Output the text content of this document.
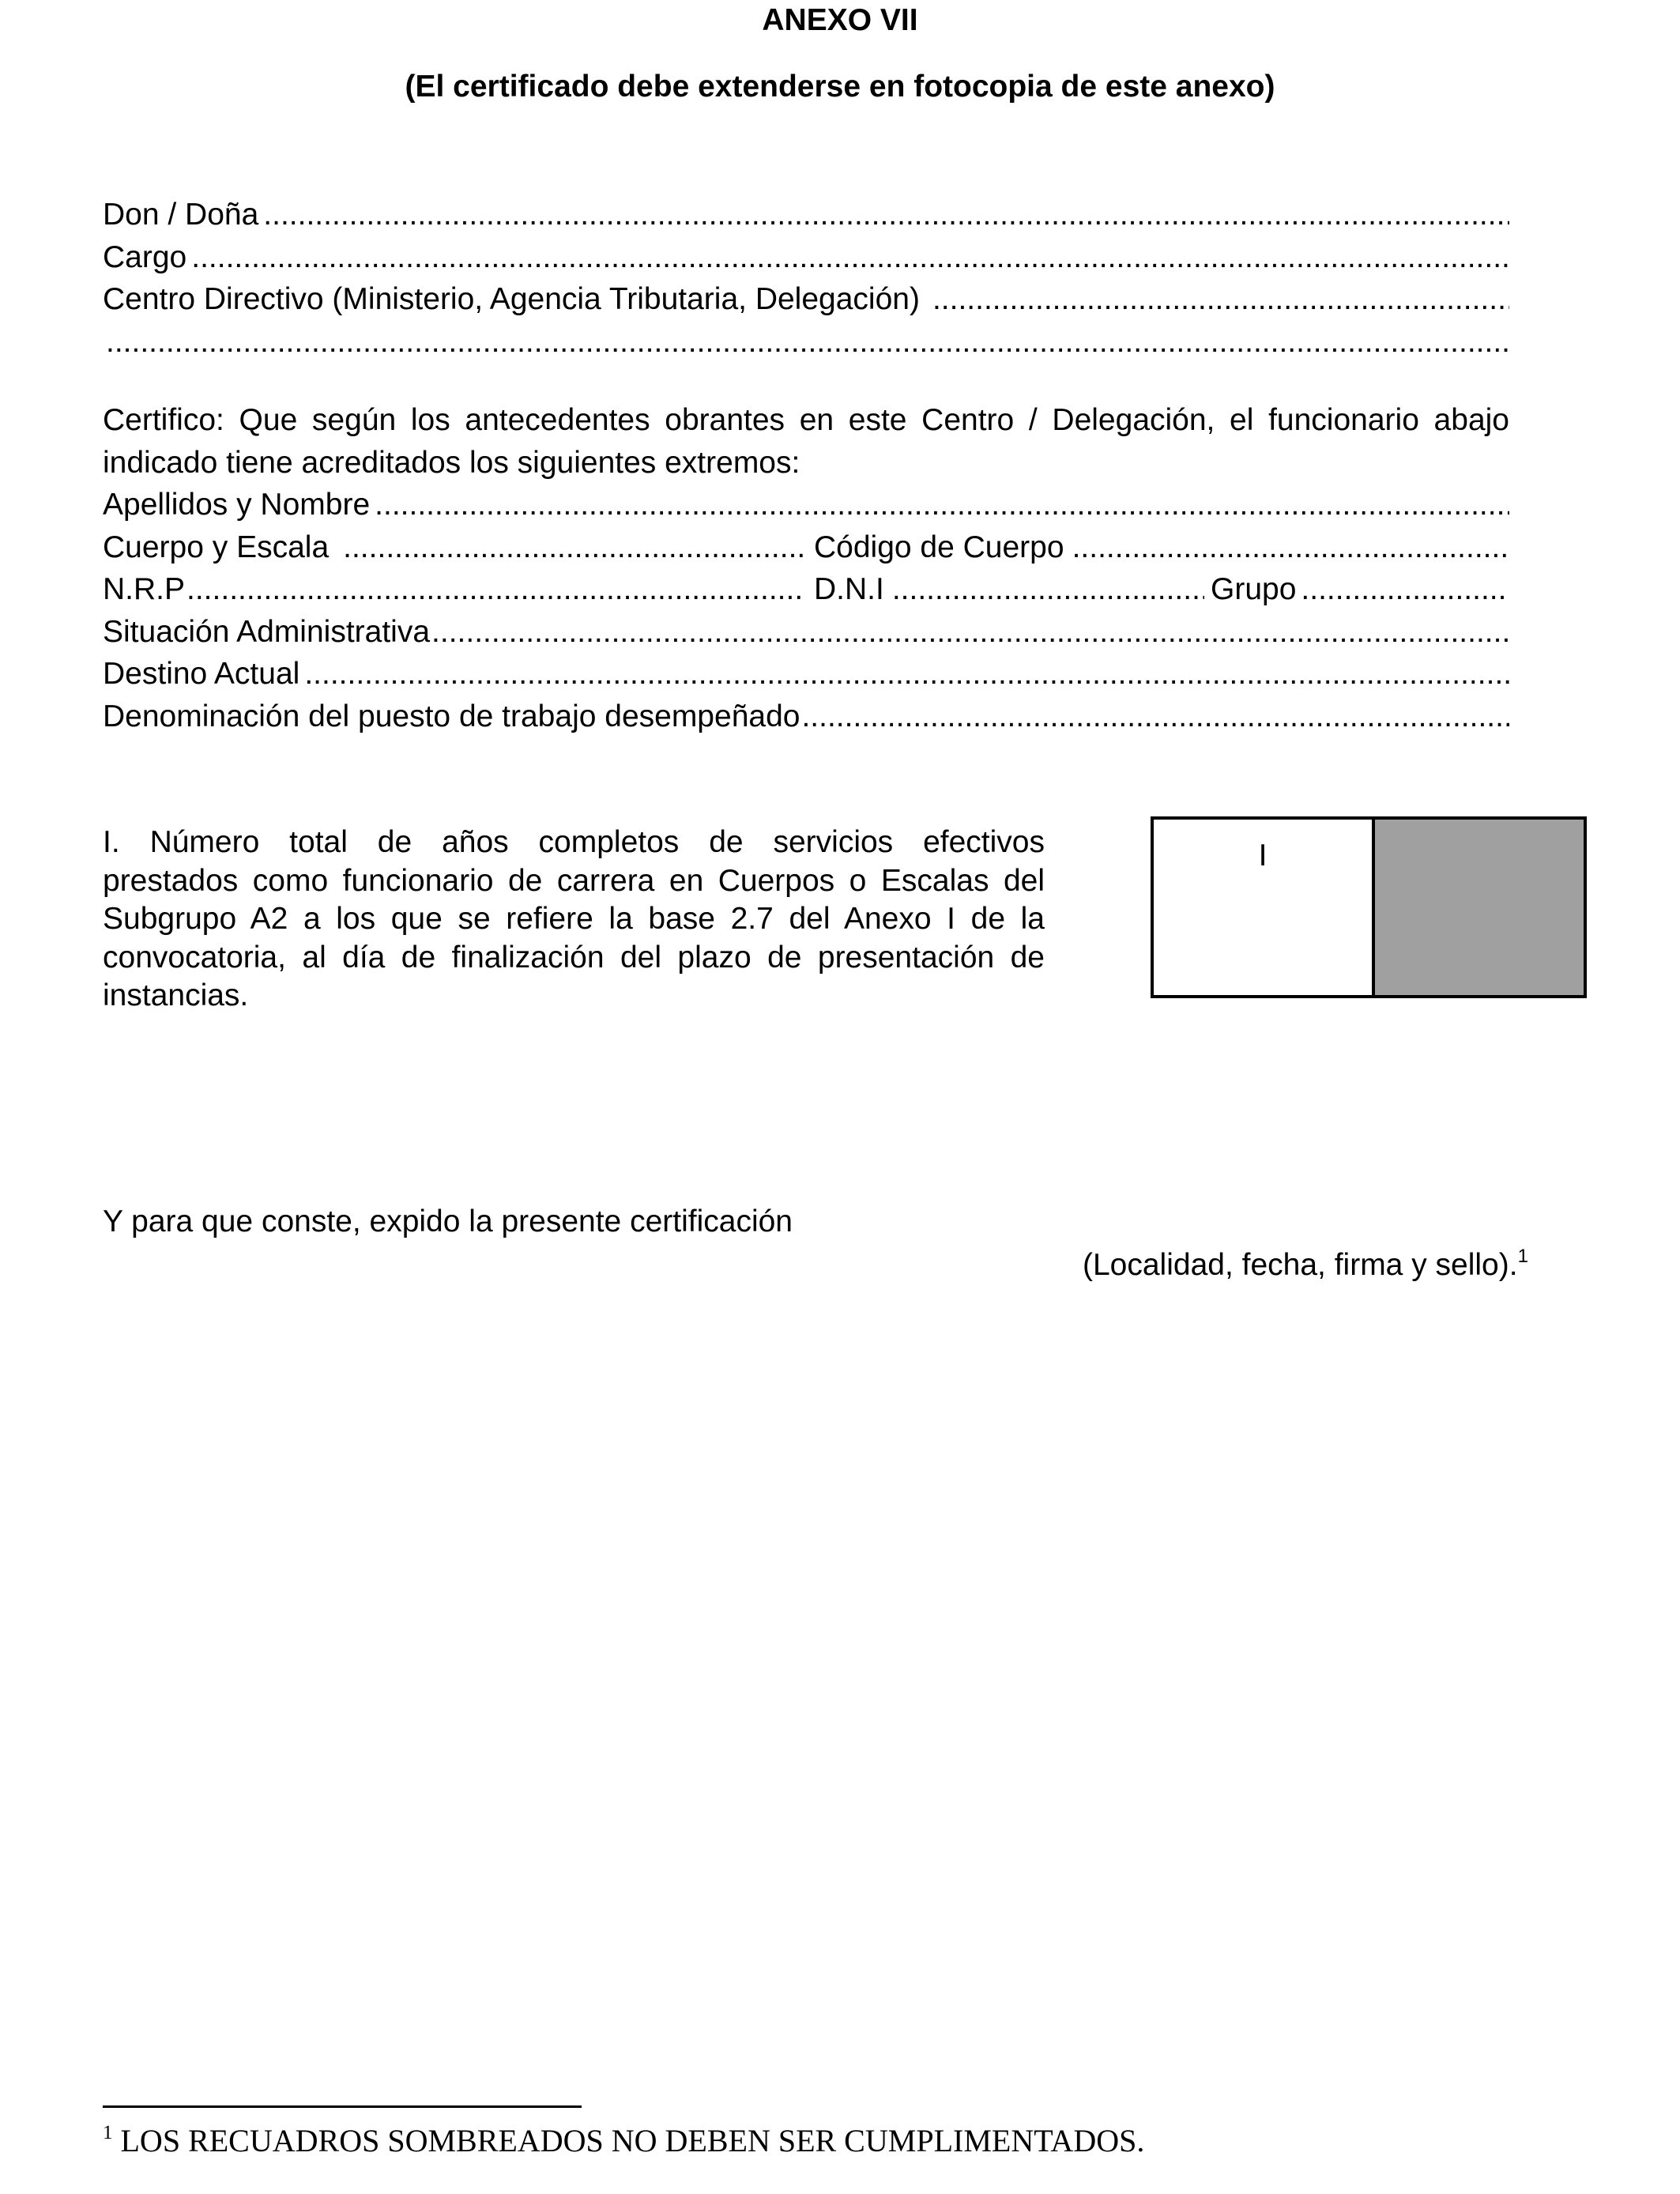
ANEXO VII
(El certificado debe extenderse en fotocopia de este anexo)
Don / Doña
.....
Cargo
.....
Centro Directivo (Ministerio, Agencia Tributaria, Delegación)
.....
.....
Certifico: Que según los antecedentes obrantes en este Centro / Delegación, el funcionario abajo
indicado tiene acreditados los siguientes extremos:
Apellidos y Nombre
.....
Cuerpo y Escala .....	Código de Cuerpo
.....
N.R.P .....	D.N.I .....	Grupo
.....
Situación Administrativa
.....
Destino Actual
.....
Denominación del puesto de trabajo desempeñado
.....
I. Número total de años completos de servicios efectivos
prestados como funcionario de carrera en Cuerpos o Escalas del
Subgrupo A2 a los que se refiere la base 2.7 del Anexo I de la
convocatoria, al día de finalización del plazo de presentación de
instancias.
I
Y para que conste, expido la presente certificación
(Localidad, fecha, firma y sello).$^1$
$^1$ LOS RECUADROS SOMBREADOS NO DEBEN SER CUMPLIMENTADOS.
